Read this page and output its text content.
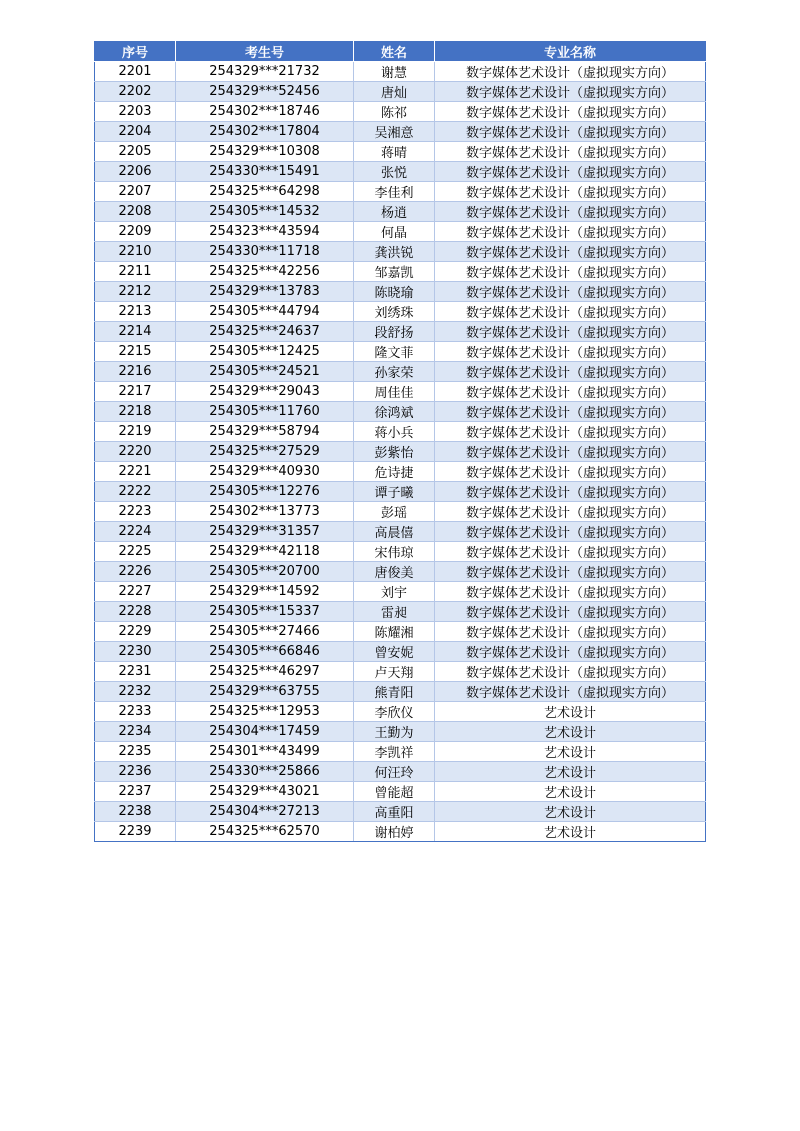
序号	考生号	姓名	专业名称
2201	254329***21732	谢慧	数字媒体艺术设计（虚拟现实方向）
2202	254329***52456	唐灿	数字媒体艺术设计（虚拟现实方向）
2203	254302***18746	陈祁	数字媒体艺术设计（虚拟现实方向）
2204	254302***17804	吴湘意	数字媒体艺术设计（虚拟现实方向）
2205	254329***10308	蒋晴	数字媒体艺术设计（虚拟现实方向）
2206	254330***15491	张悦	数字媒体艺术设计（虚拟现实方向）
2207	254325***64298	李佳利	数字媒体艺术设计（虚拟现实方向）
2208	254305***14532	杨逍	数字媒体艺术设计（虚拟现实方向）
2209	254323***43594	何晶	数字媒体艺术设计（虚拟现实方向）
2210	254330***11718	龚洪锐	数字媒体艺术设计（虚拟现实方向）
2211	254325***42256	邹嘉凯	数字媒体艺术设计（虚拟现实方向）
2212	254329***13783	陈晓瑜	数字媒体艺术设计（虚拟现实方向）
2213	254305***44794	刘绣珠	数字媒体艺术设计（虚拟现实方向）
2214	254325***24637	段舒扬	数字媒体艺术设计（虚拟现实方向）
2215	254305***12425	隆文菲	数字媒体艺术设计（虚拟现实方向）
2216	254305***24521	孙家荣	数字媒体艺术设计（虚拟现实方向）
2217	254329***29043	周佳佳	数字媒体艺术设计（虚拟现实方向）
2218	254305***11760	徐鸿斌	数字媒体艺术设计（虚拟现实方向）
2219	254329***58794	蒋小兵	数字媒体艺术设计（虚拟现实方向）
2220	254325***27529	彭紫怡	数字媒体艺术设计（虚拟现实方向）
2221	254329***40930	危诗捷	数字媒体艺术设计（虚拟现实方向）
2222	254305***12276	谭子曦	数字媒体艺术设计（虚拟现实方向）
2223	254302***13773	彭瑶	数字媒体艺术设计（虚拟现实方向）
2224	254329***31357	高晨僖	数字媒体艺术设计（虚拟现实方向）
2225	254329***42118	宋伟琼	数字媒体艺术设计（虚拟现实方向）
2226	254305***20700	唐俊美	数字媒体艺术设计（虚拟现实方向）
2227	254329***14592	刘宇	数字媒体艺术设计（虚拟现实方向）
2228	254305***15337	雷昶	数字媒体艺术设计（虚拟现实方向）
2229	254305***27466	陈耀湘	数字媒体艺术设计（虚拟现实方向）
2230	254305***66846	曾安妮	数字媒体艺术设计（虚拟现实方向）
2231	254325***46297	卢天翔	数字媒体艺术设计（虚拟现实方向）
2232	254329***63755	熊青阳	数字媒体艺术设计（虚拟现实方向）
2233	254325***12953	李欣仪	艺术设计
2234	254304***17459	王勤为	艺术设计
2235	254301***43499	李凯祥	艺术设计
2236	254330***25866	何汪玲	艺术设计
2237	254329***43021	曾能超	艺术设计
2238	254304***27213	高重阳	艺术设计
2239	254325***62570	谢柏婷	艺术设计
